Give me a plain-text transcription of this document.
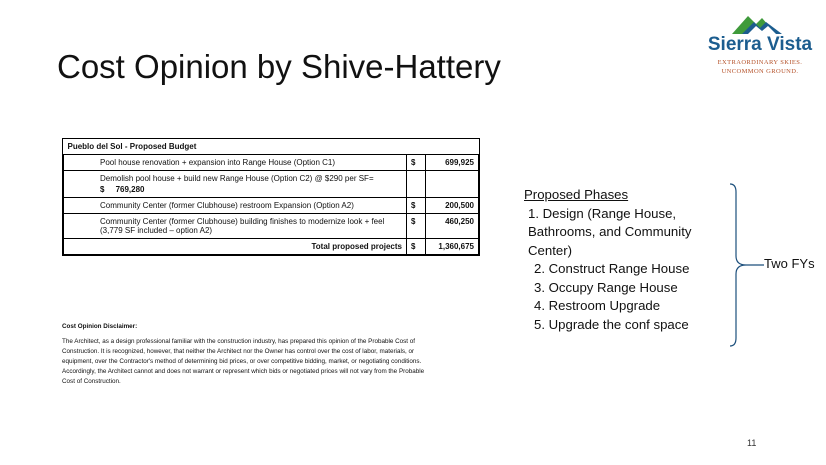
Cost Opinion by Shive-Hattery
Sierra Vista
EXTRAORDINARY SKIES.
UNCOMMON GROUND.
Pueblo del Sol - Proposed Budget		
Pool house renovation + expansion into Range House (Option C1)	$	699,925
Demolish pool house + build new Range House (Option C2) @ $290 per SF=
$     769,280		

Community Center (former Clubhouse) restroom Expansion (Option A2)	$	200,500
Community Center (former Clubhouse) building finishes to modernize look + feel (3,779 SF included – option A2)	$	460,250
Total proposed projects	$	1,360,675
Cost Opinion Disclaimer:
The Architect, as a design professional familiar with the construction industry, has prepared this opinion of the Probable Cost of Construction. It is recognized, however, that neither the Architect nor the Owner has control over the cost of labor, materials, or equipment, over the Contractor's method of determining bid prices, or over competitive bidding, market, or negotiating conditions. Accordingly, the Architect cannot and does not warrant or represent which bids or negotiated prices will not vary from the Probable Cost of Construction.
Proposed Phases
1. Design (Range House, Bathrooms, and Community Center)
2. Construct Range House
3. Occupy Range House
4. Restroom Upgrade
5. Upgrade the conf space
Two FYs
11
